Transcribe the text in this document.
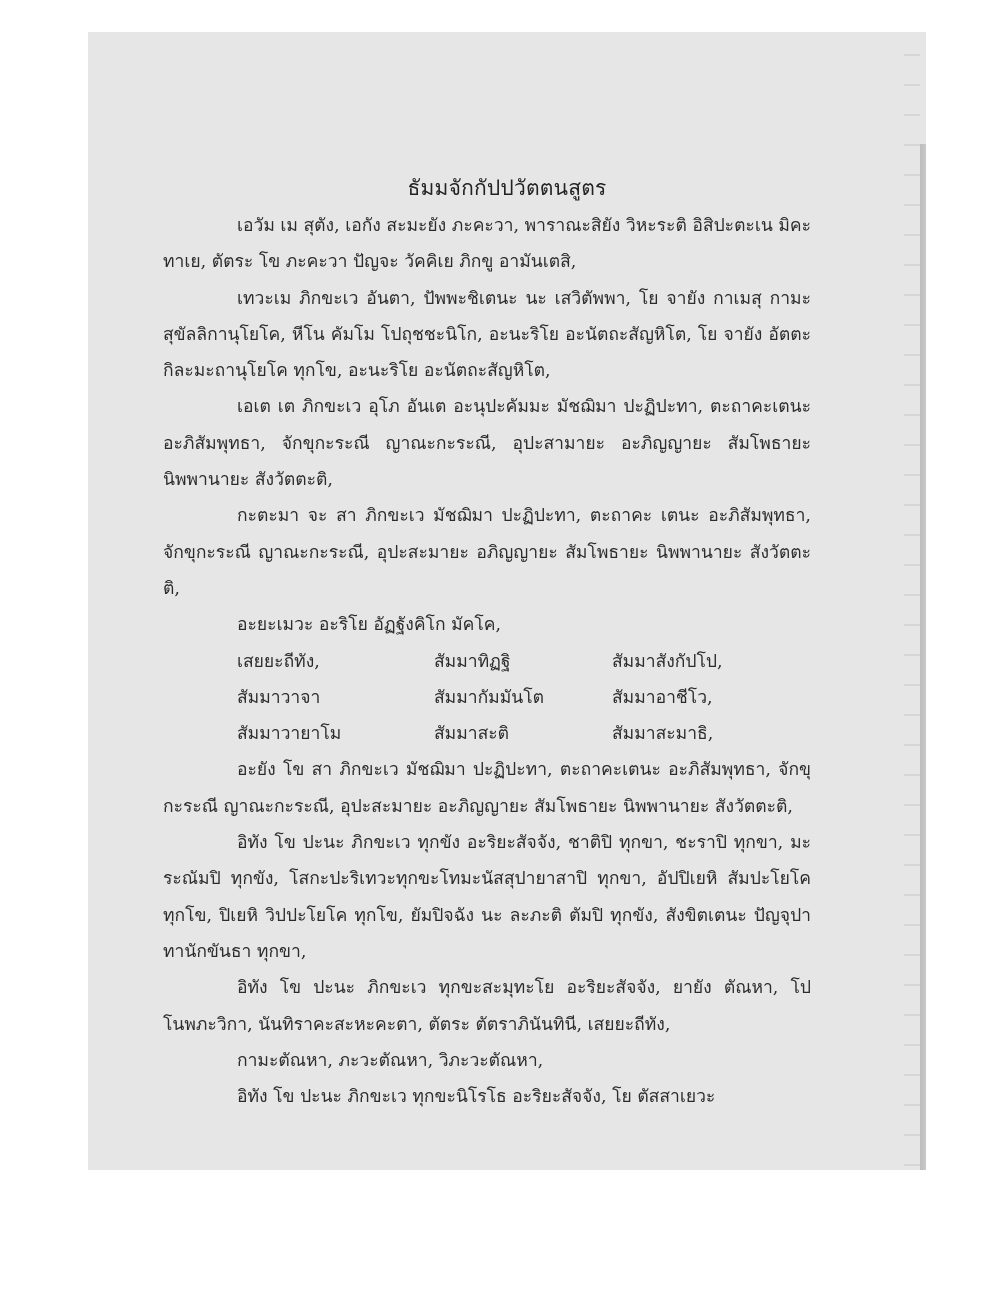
ธัมมจักกัปปวัตตนสูตร

เอวัม เม สุตัง, เอกัง สะมะยัง ภะคะวา, พาราณะสิยัง วิหะระติ อิสิปะตะเน มิคะทาเย, ตัตระ โข ภะคะวา ปัญจะ วัคคิเย ภิกขู อามันเตสิ,

เทวะเม ภิกขะเว อันตา, ปัพพะชิเตนะ นะ เสวิตัพพา, โย จายัง กาเมสุ กามะ สุขัลลิกานุโยโค, หีโน คัมโม โปถุชชะนิโก, อะนะริโย อะนัตถะสัญหิโต, โย จายัง อัตตะ กิละมะถานุโยโค ทุกโข, อะนะริโย อะนัตถะสัญหิโต,

เอเต เต ภิกขะเว อุโภ อันเต อะนุปะคัมมะ มัชฌิมา ปะฏิปะทา, ตะถาคะเตนะ อะภิสัมพุทธา, จักขุกะระณี ญาณะกะระณี, อุปะสามายะ อะภิญญายะ สัมโพธายะ นิพพานายะ สังวัตตะติ,

กะตะมา จะ สา ภิกขะเว มัชฌิมา ปะฏิปะทา, ตะถาคะ เตนะ อะภิสัมพุทธา, จักขุกะระณี ญาณะกะระณี, อุปะสะมายะ อภิญญายะ สัมโพธายะ นิพพานายะ สังวัตตะติ,

อะยะเมวะ อะริโย อัฏฐังคิโก มัคโค,

เสยยะถีทัง,	สัมมาทิฏฐิ	สัมมาสังกัปโป,
สัมมาวาจา	สัมมากัมมันโต	สัมมาอาชีโว,
สัมมาวายาโม	สัมมาสะติ	สัมมาสะมาธิ,

อะยัง โข สา ภิกขะเว มัชฌิมา ปะฏิปะทา, ตะถาคะเตนะ อะภิสัมพุทธา, จักขุกะระณี ญาณะกะระณี, อุปะสะมายะ อะภิญญายะ สัมโพธายะ นิพพานายะ สังวัตตะติ,

อิทัง โข ปะนะ ภิกขะเว ทุกขัง อะริยะสัจจัง, ชาติปิ ทุกขา, ชะราปิ ทุกขา, มะระณัมปิ ทุกขัง, โสกะปะริเทวะทุกขะโทมะนัสสุปายาสาปิ ทุกขา, อัปปิเยหิ สัมปะโยโค ทุกโข, ปิเยหิ วิปปะโยโค ทุกโข, ยัมปิจฉัง นะ ละภะติ ตัมปิ ทุกขัง, สังขิตเตนะ ปัญจุปาทานักขันธา ทุกขา,

อิทัง โข ปะนะ ภิกขะเว ทุกขะสะมุทะโย อะริยะสัจจัง, ยายัง ตัณหา, โปโนพภะวิกา, นันทิราคะสะหะคะตา, ตัตระ ตัตราภินันทินี, เสยยะถีทัง,

กามะตัณหา, ภะวะตัณหา, วิภะวะตัณหา,

อิทัง โข ปะนะ ภิกขะเว ทุกขะนิโรโธ อะริยะสัจจัง, โย ตัสสาเยวะ
